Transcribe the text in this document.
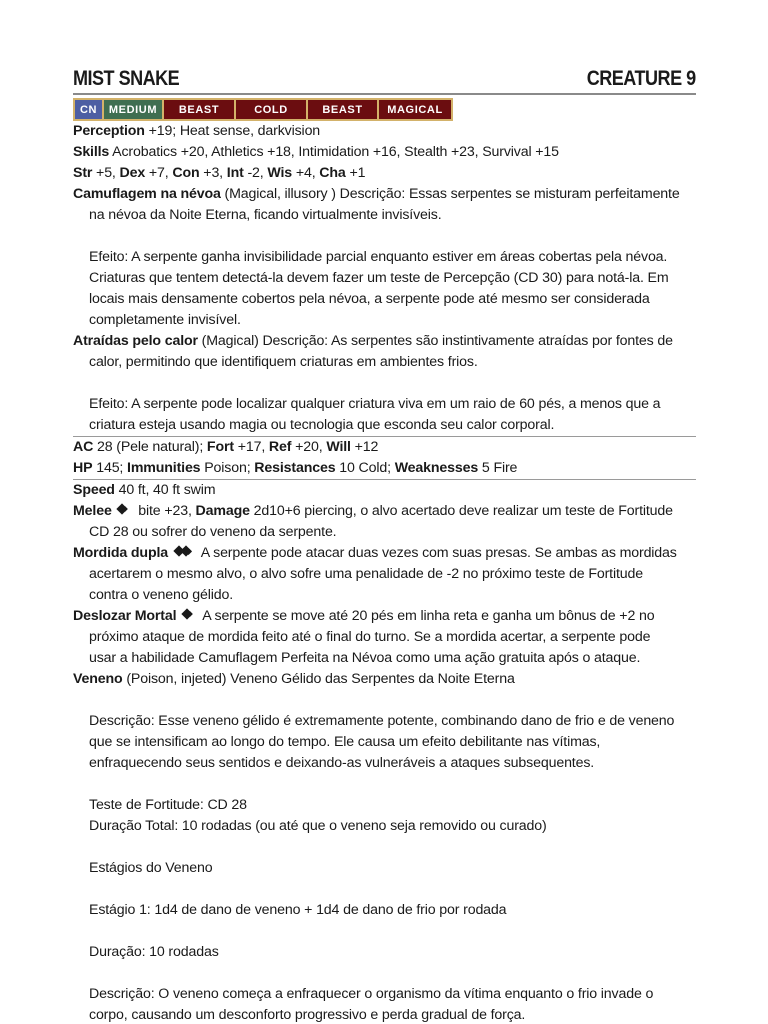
MIST SNAKE	CREATURE 9
CN	MEDIUM	BEAST	COLD	BEAST	MAGICAL
Perception +19; Heat sense, darkvision
Skills Acrobatics +20, Athletics +18, Intimidation +16, Stealth +23, Survival +15
Str +5, Dex +7, Con +3, Int -2, Wis +4, Cha +1
Camuflagem na névoa (Magical, illusory ) Descrição: Essas serpentes se misturam perfeitamente
na névoa da Noite Eterna, ficando virtualmente invisíveis.
Efeito: A serpente ganha invisibilidade parcial enquanto estiver em áreas cobertas pela névoa.
Criaturas que tentem detectá-la devem fazer um teste de Percepção (CD 30) para notá-la. Em
locais mais densamente cobertos pela névoa, a serpente pode até mesmo ser considerada
completamente invisível.
Atraídas pelo calor (Magical) Descrição: As serpentes são instintivamente atraídas por fontes de
calor, permitindo que identifiquem criaturas em ambientes frios.
Efeito: A serpente pode localizar qualquer criatura viva em um raio de 60 pés, a menos que a
criatura esteja usando magia ou tecnologia que esconda seu calor corporal.
AC 28 (Pele natural); Fort +17, Ref +20, Will +12
HP 145; Immunities Poison; Resistances 10 Cold; Weaknesses 5 Fire
Speed 40 ft, 40 ft swim
Melee
bite +23, Damage 2d10+6 piercing, o alvo acertado deve realizar um teste de Fortitude
CD 28 ou sofrer do veneno da serpente.
Mordida dupla
A serpente pode atacar duas vezes com suas presas. Se ambas as mordidas
acertarem o mesmo alvo, o alvo sofre uma penalidade de -2 no próximo teste de Fortitude
contra o veneno gélido.
Deslozar Mortal
A serpente se move até 20 pés em linha reta e ganha um bônus de +2 no
próximo ataque de mordida feito até o final do turno. Se a mordida acertar, a serpente pode
usar a habilidade Camuflagem Perfeita na Névoa como uma ação gratuita após o ataque.
Veneno (Poison, injeted) Veneno Gélido das Serpentes da Noite Eterna
Descrição: Esse veneno gélido é extremamente potente, combinando dano de frio e de veneno
que se intensificam ao longo do tempo. Ele causa um efeito debilitante nas vítimas,
enfraquecendo seus sentidos e deixando-as vulneráveis a ataques subsequentes.
Teste de Fortitude: CD 28
Duração Total: 10 rodadas (ou até que o veneno seja removido ou curado)
Estágios do Veneno
Estágio 1: 1d4 de dano de veneno + 1d4 de dano de frio por rodada
Duração: 10 rodadas
Descrição: O veneno começa a enfraquecer o organismo da vítima enquanto o frio invade o
corpo, causando um desconforto progressivo e perda gradual de força.
